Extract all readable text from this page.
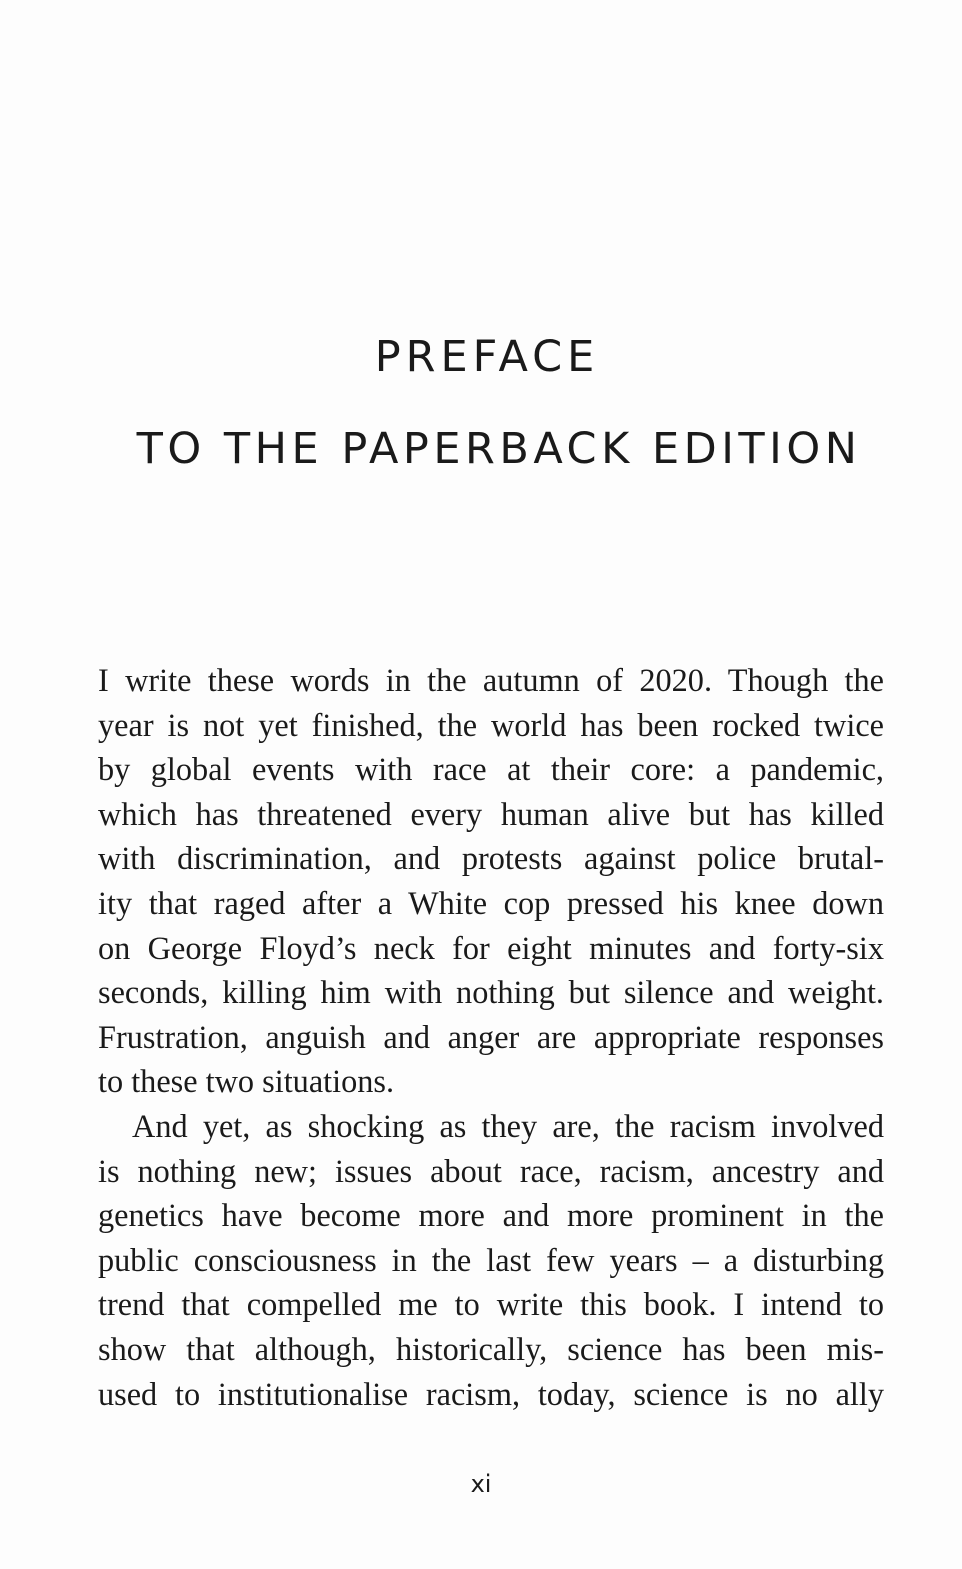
PREFACE
TO THE PAPERBACK EDITION
I write these words in the autumn of 2020. Though the
year is not yet finished, the world has been rocked twice
by global events with race at their core: a pandemic,
which has threatened every human alive but has killed
with discrimination, and protests against police brutal-
ity that raged after a White cop pressed his knee down
on George Floyd’s neck for eight minutes and forty-six
seconds, killing him with nothing but silence and weight.
Frustration, anguish and anger are appropriate responses
to these two situations.
And yet, as shocking as they are, the racism involved
is nothing new; issues about race, racism, ancestry and
genetics have become more and more prominent in the
public consciousness in the last few years – a disturbing
trend that compelled me to write this book. I intend to
show that although, historically, science has been mis-
used to institutionalise racism, today, science is no ally
xi
